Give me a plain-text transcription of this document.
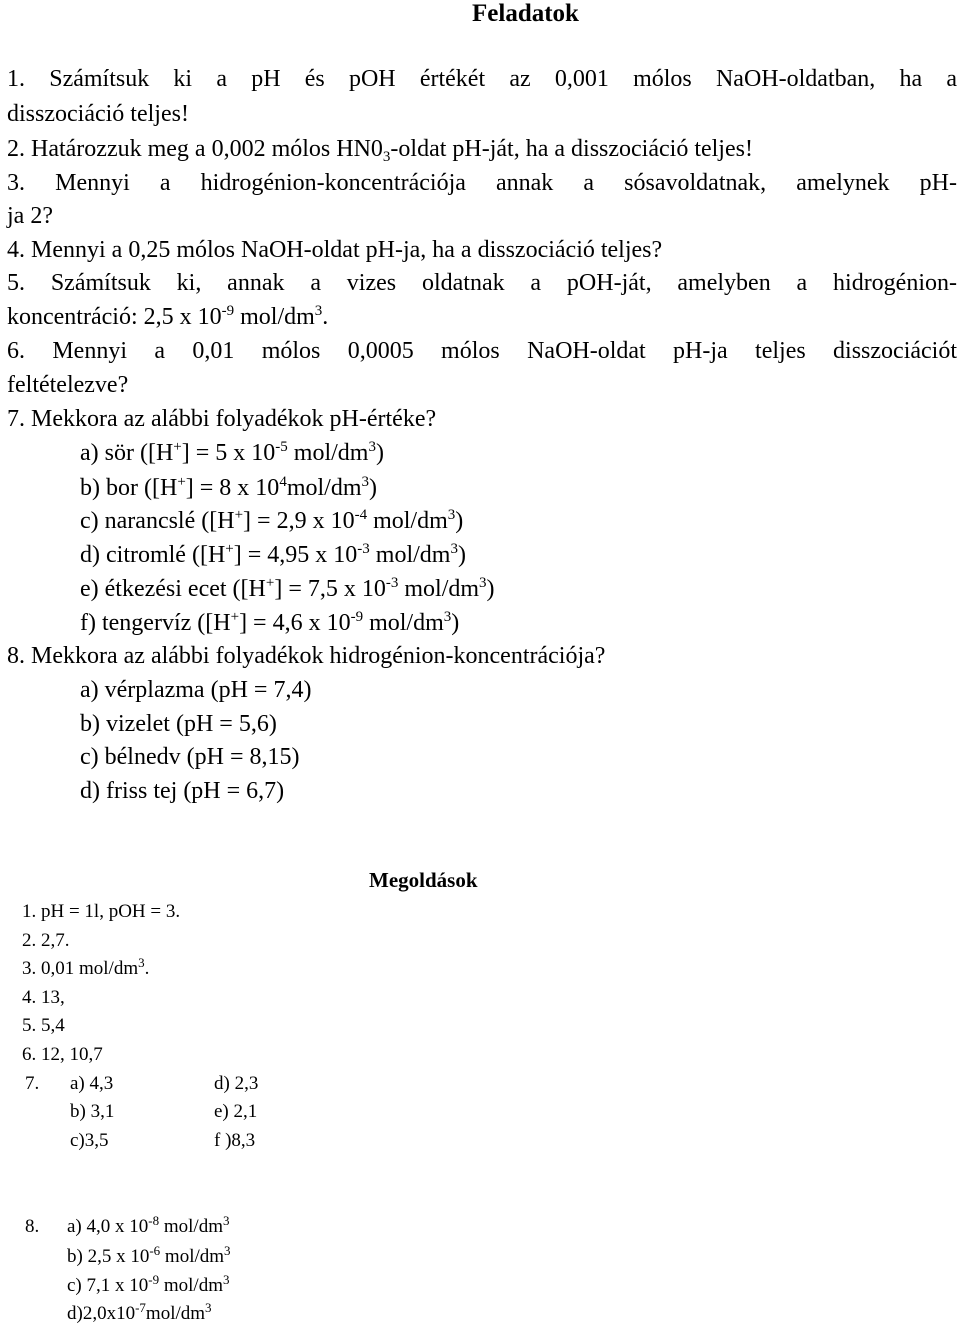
Feladatok
1. Számítsuk ki a pH és pOH értékét az 0,001 mólos NaOH-oldatban, ha a
disszociáció teljes!
2. Határozzuk meg a 0,002 mólos $HN0_3$-oldat pH-ját, ha a disszociáció teljes!
3. Mennyi a hidrogénion-koncentrációja annak a sósavoldatnak, amelynek pH-
ja 2?
4. Mennyi a 0,25 mólos NaOH-oldat pH-ja, ha a disszociáció teljes?
5. Számítsuk ki, annak a vizes oldatnak a pOH-ját, amelyben a hidrogénion-
koncentráció: 2,5 x $10^{-9}$ mol/$dm^3$.
6. Mennyi a 0,01 mólos 0,0005 mólos NaOH-oldat pH-ja teljes disszociációt
feltételezve?
7. Mekkora az alábbi folyadékok pH-értéke?
a) sör ([H+] = 5 x $10^{-5}$ mol/$dm^3$)
b) bor ([H+] = 8 x $10^4mol/dm^3$)
c) narancslé ([H+] = 2,9 x $10^{-4}$ mol/$dm^3$)
d) citromlé ([H+] = 4,95 x $10^{-3}$ mol/$dm^3$)
e) étkezési ecet ([H+] = 7,5 x $10^{-3}$ mol/$dm^3$)
f) tengervíz ([H+] = 4,6 x $10^{-9}$ mol/$dm^3$)
8. Mekkora az alábbi folyadékok hidrogénion-koncentrációja?
a) vérplazma (pH = 7,4)
b) vizelet (pH = 5,6)
c) bélnedv (pH = 8,15)
d) friss tej (pH = 6,7)
Megoldások
1. pH = 1l, pOH = 3.
2. 2,7.
3. 0,01 mol/$dm^3$.
4. 13,
5. 5,4
6. 12, 10,7
7. a) 4,3
b) 3,1
c)3,5
d) 2,3
e) 2,1
f )8,3
8. a) 4,0 x $10^{-8}$ mol/$dm^3$
b) 2,5 x $10^{-6}$ mol/$dm^3$
c) 7,1 x $10^{-9}$ mol/$dm^3$
$d)2,0x10^{-7}mol/dm^3$
